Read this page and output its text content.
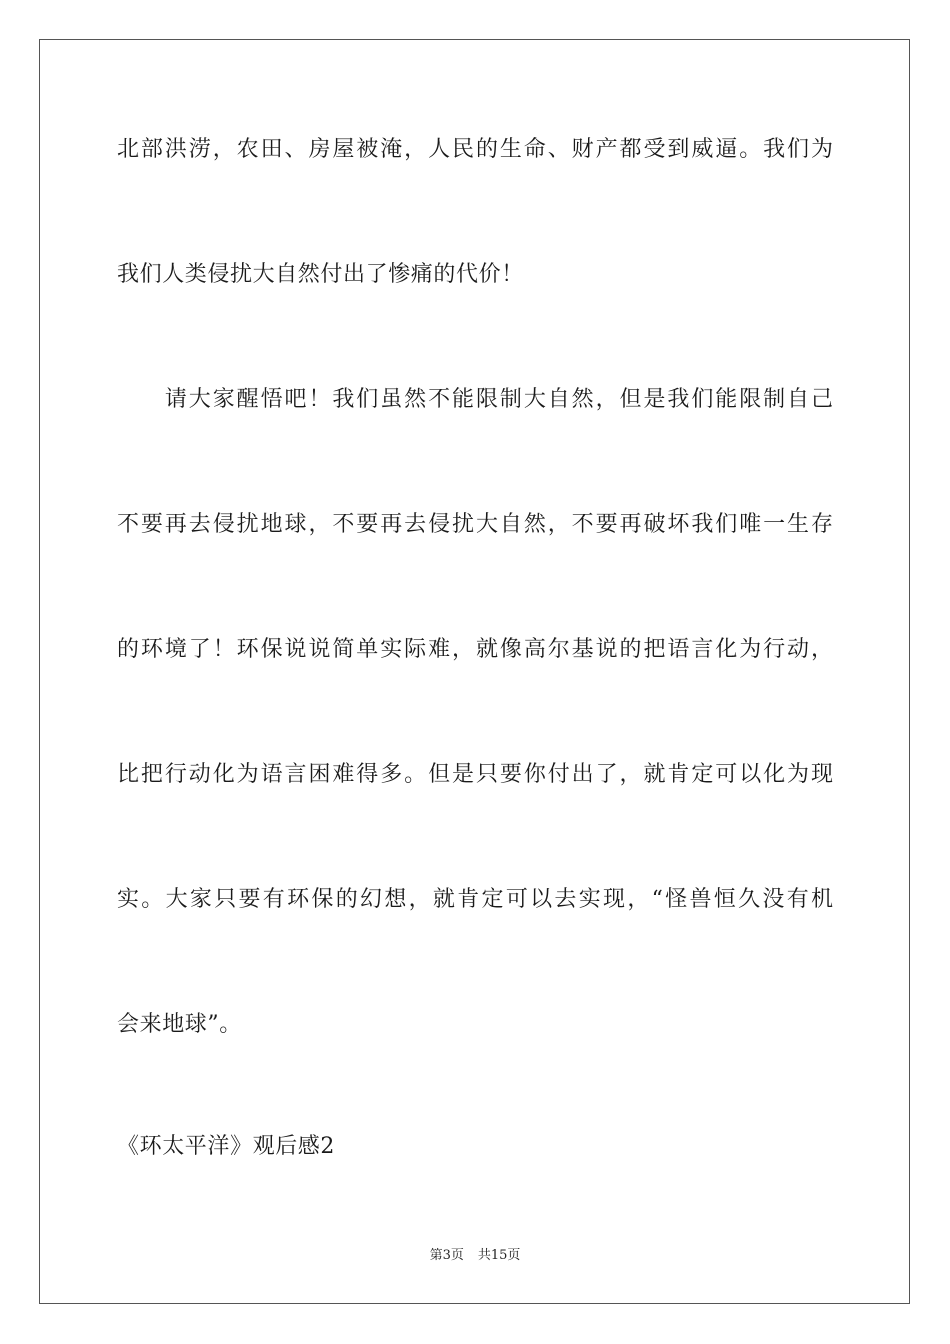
北部洪涝，农田、房屋被淹，人民的生命、财产都受到威逼。我们为
我们人类侵扰大自然付出了惨痛的代价！
　　请大家醒悟吧！我们虽然不能限制大自然，但是我们能限制自己
不要再去侵扰地球，不要再去侵扰大自然，不要再破坏我们唯一生存
的环境了！环保说说简单实际难，就像高尔基说的把语言化为行动，
比把行动化为语言困难得多。但是只要你付出了，就肯定可以化为现
实。大家只要有环保的幻想，就肯定可以去实现，“怪兽恒久没有机
会来地球”。
《环太平洋》观后感2
第3页 共15页
